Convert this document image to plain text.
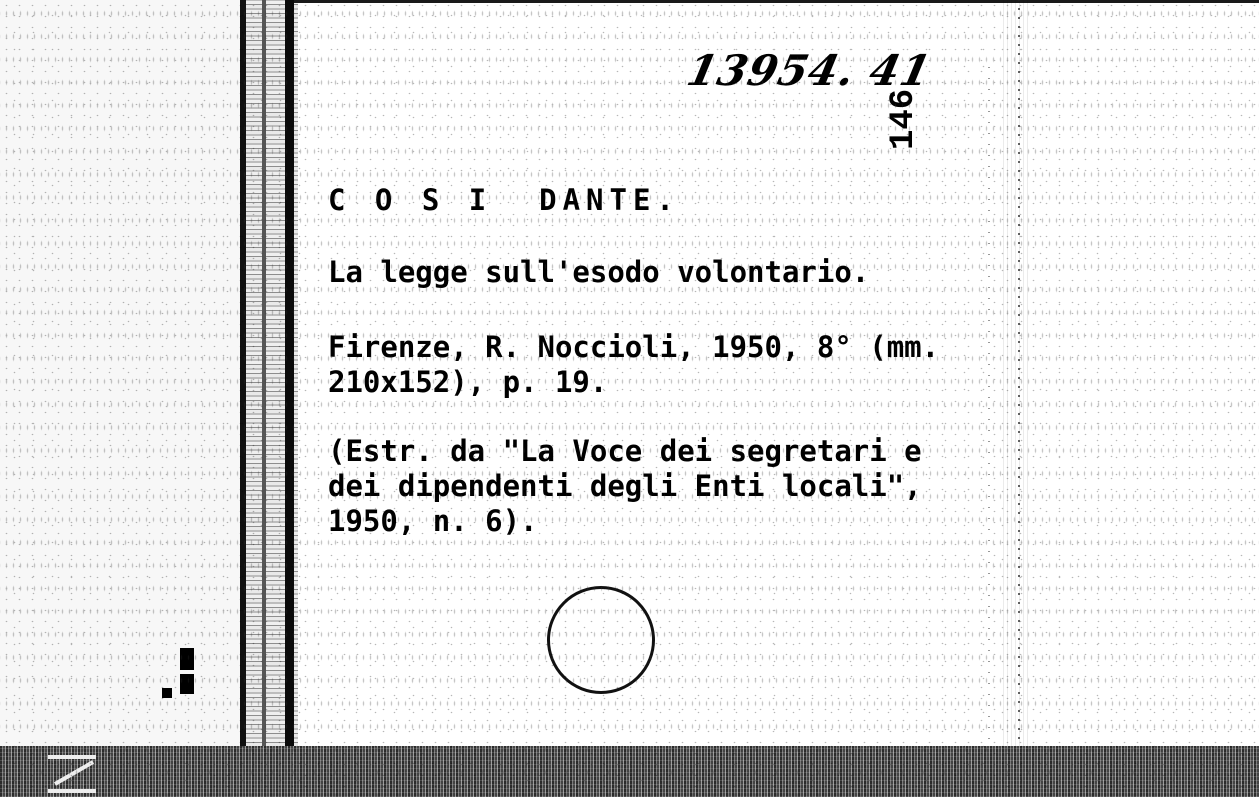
13954. 41
146
C O S I  DANTE.
La legge sull'esodo volontario.
Firenze, R. Noccioli, 1950, 8° (mm.
210x152), p. 19.
(Estr. da "La Voce dei segretari e
dei dipendenti degli Enti locali",
1950, n. 6).
